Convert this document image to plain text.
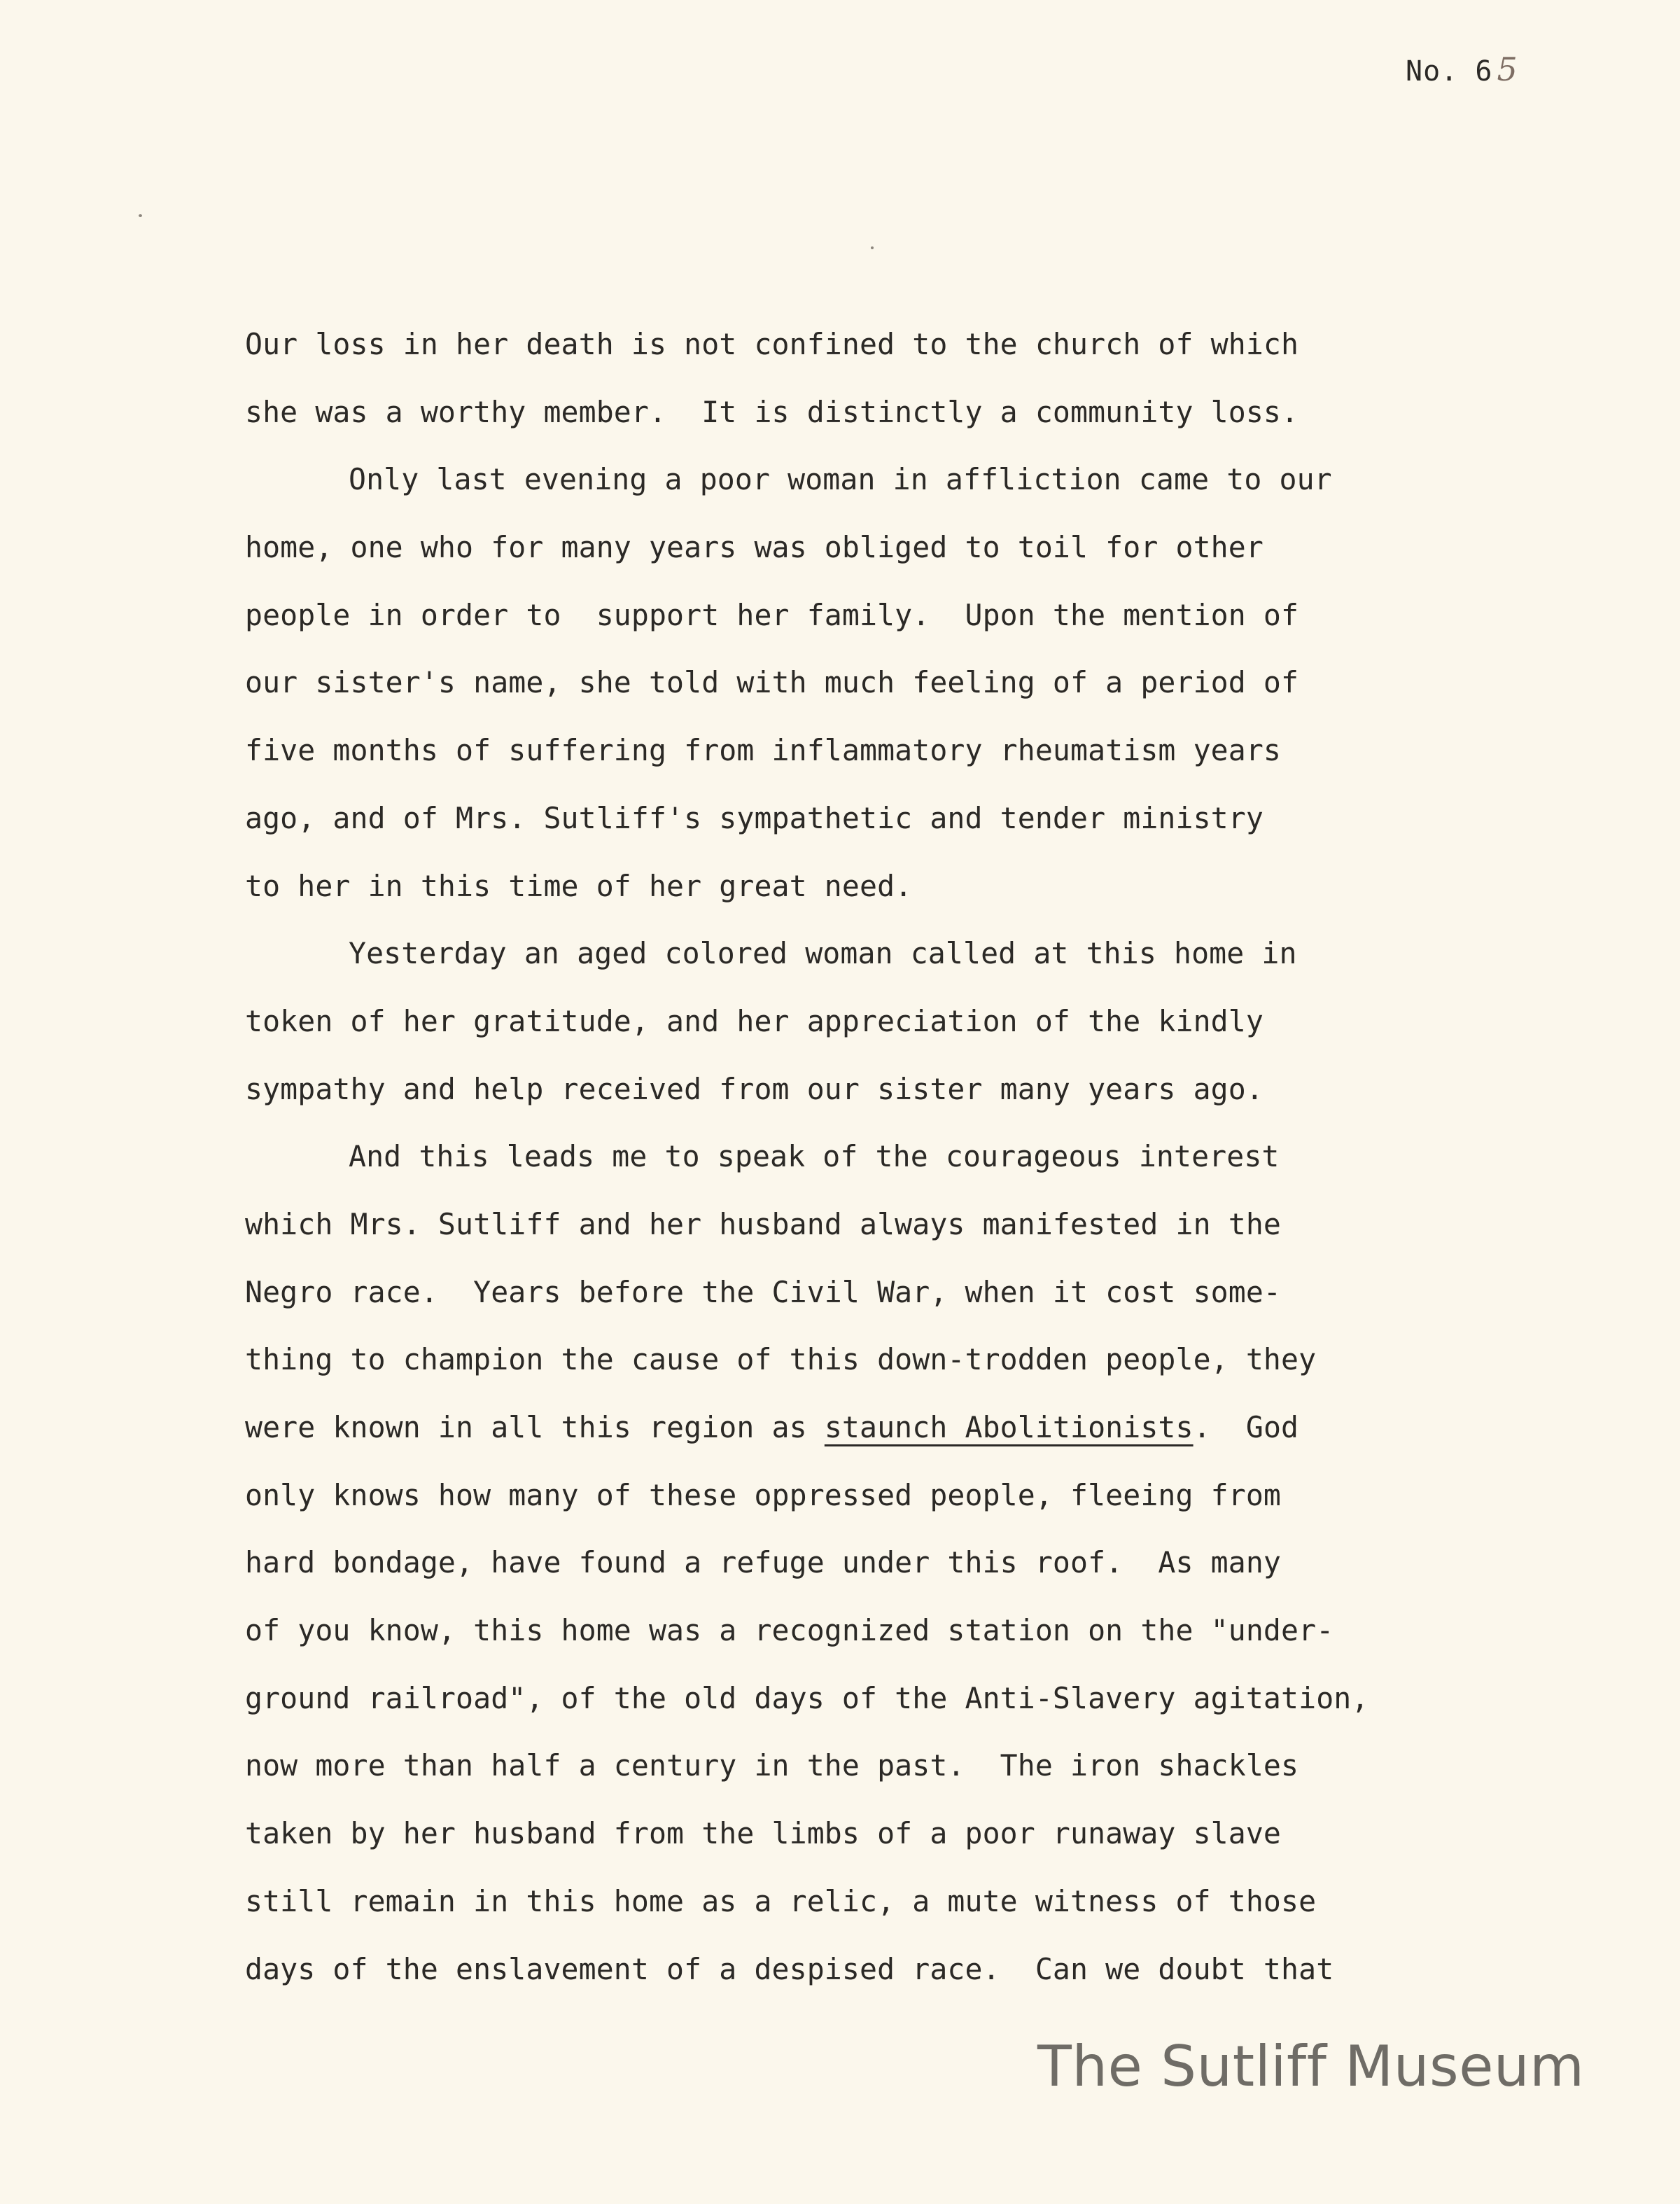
No. 6 5
Our loss in her death is not confined to the church of which
she was a worthy member.  It is distinctly a community loss.
Only last evening a poor woman in affliction came to our
home, one who for many years was obliged to toil for other
people in order to  support her family.  Upon the mention of
our sister's name, she told with much feeling of a period of
five months of suffering from inflammatory rheumatism years
ago, and of Mrs. Sutliff's sympathetic and tender ministry
to her in this time of her great need.
Yesterday an aged colored woman called at this home in
token of her gratitude, and her appreciation of the kindly
sympathy and help received from our sister many years ago.
And this leads me to speak of the courageous interest
which Mrs. Sutliff and her husband always manifested in the
Negro race.  Years before the Civil War, when it cost some-
thing to champion the cause of this down-trodden people, they
were known in all this region as staunch Abolitionists.  God
only knows how many of these oppressed people, fleeing from
hard bondage, have found a refuge under this roof.  As many
of you know, this home was a recognized station on the "under-
ground railroad", of the old days of the Anti-Slavery agitation,
now more than half a century in the past.  The iron shackles
taken by her husband from the limbs of a poor runaway slave
still remain in this home as a relic, a mute witness of those
days of the enslavement of a despised race.  Can we doubt that
The Sutliff Museum
